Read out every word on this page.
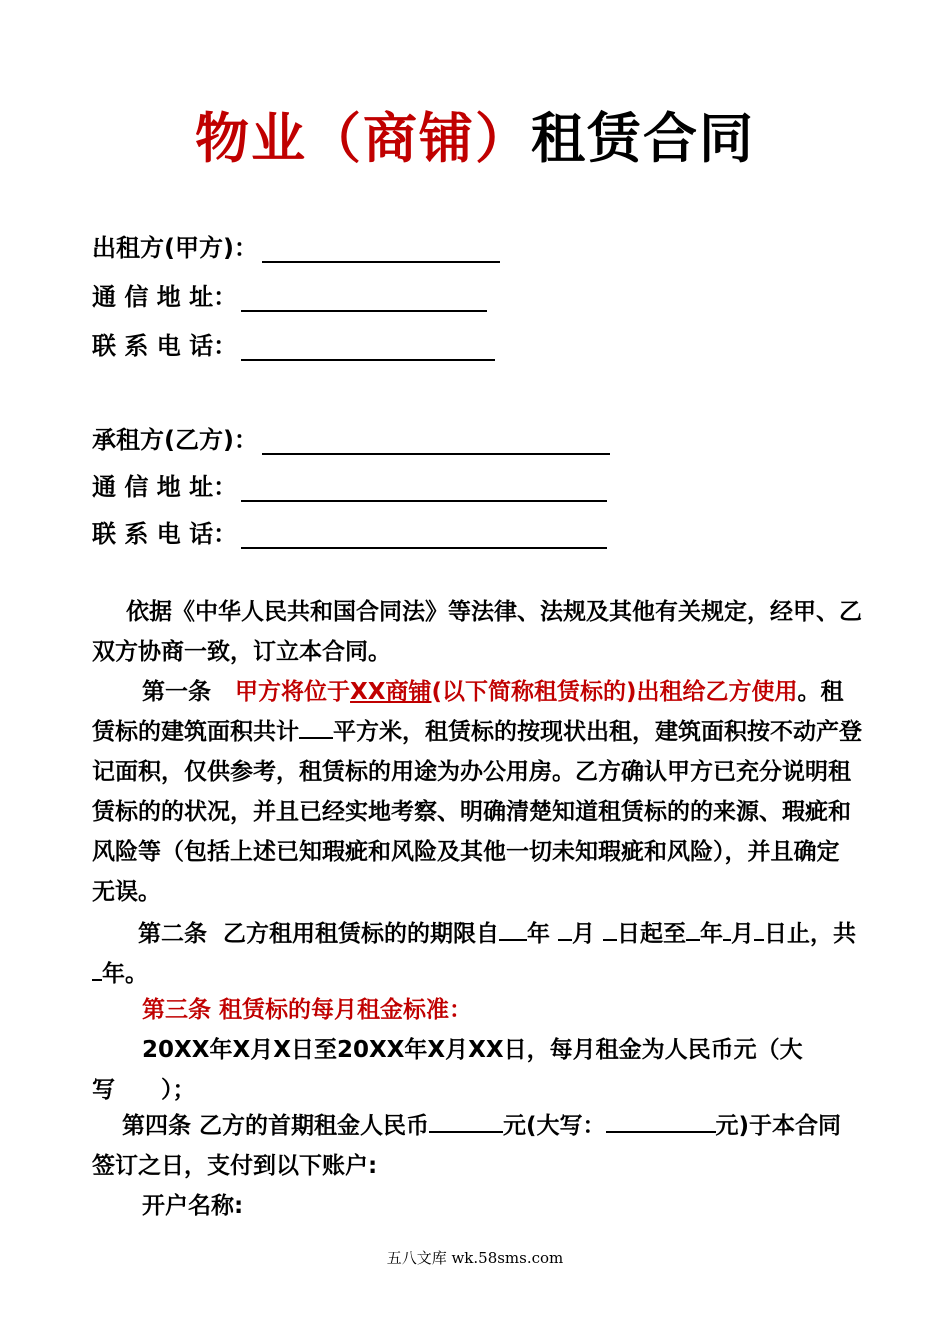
物业（商铺）租赁合同
出租方(甲方)：
通 信 地 址：
联 系 电 话：
承租方(乙方)：
通 信 地 址：
联 系 电 话：
依据《中华人民共和国合同法》等法律、法规及其他有关规定，经甲、乙双方协商一致，订立本合同。
第一条 甲方将位于XX商铺(以下简称租赁标的)出租给乙方使用。租赁标的建筑面积共计 平方米，租赁标的按现状出租，建筑面积按不动产登记面积，仅供参考，租赁标的用途为办公用房。乙方确认甲方已充分说明租赁标的的状况，并且已经实地考察、明确清楚知道租赁标的的来源、瑕疵和风险等（包括上述已知瑕疵和风险及其他一切未知瑕疵和风险），并且确定无误。
第二条 乙方租用租赁标的的期限自 年 月 日起至 年 月 日止，共年。
第三条 租赁标的每月租金标准：
20XX年X月X日至20XX年X月XX日，每月租金为人民币元（大写　　）；
第四条 乙方的首期租金人民币	元(大写：	元)于本合同签订之日，支付到以下账户:
开户名称:
五八文库 wk.58sms.com
